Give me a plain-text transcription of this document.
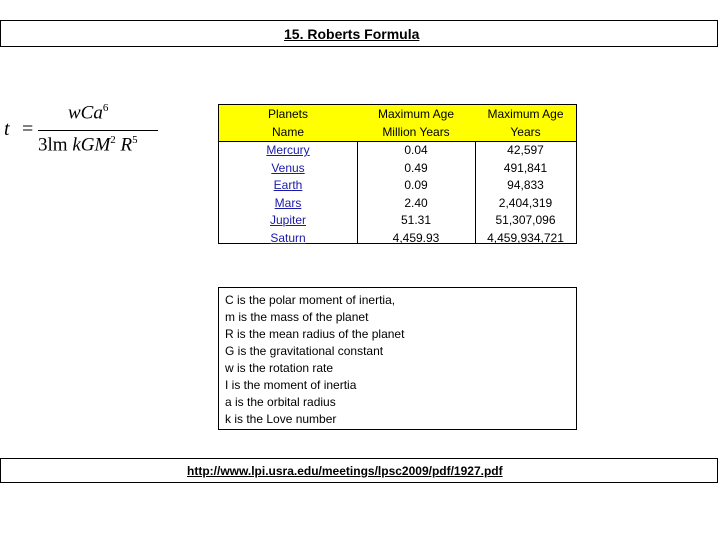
15. Roberts Formula
t =
wCa$^6$
3lm kGM$^2$ $R^5$
Planets
Name
Mercury
Venus
Earth
Mars
Jupiter
Saturn
Maximum Age
Million Years
0.04
0.49
0.09
2.40
51.31
4,459.93
Maximum Age
Years
42,597
491,841
94,833
2,404,319
51,307,096
4,459,934,721
C is the polar moment of inertia,
m is the mass of the planet
R is the mean radius of the planet
G is the gravitational constant
w is the rotation rate
I is the moment of inertia
a is the orbital radius
k is the Love number
http://www.lpi.usra.edu/meetings/lpsc2009/pdf/1927.pdf
